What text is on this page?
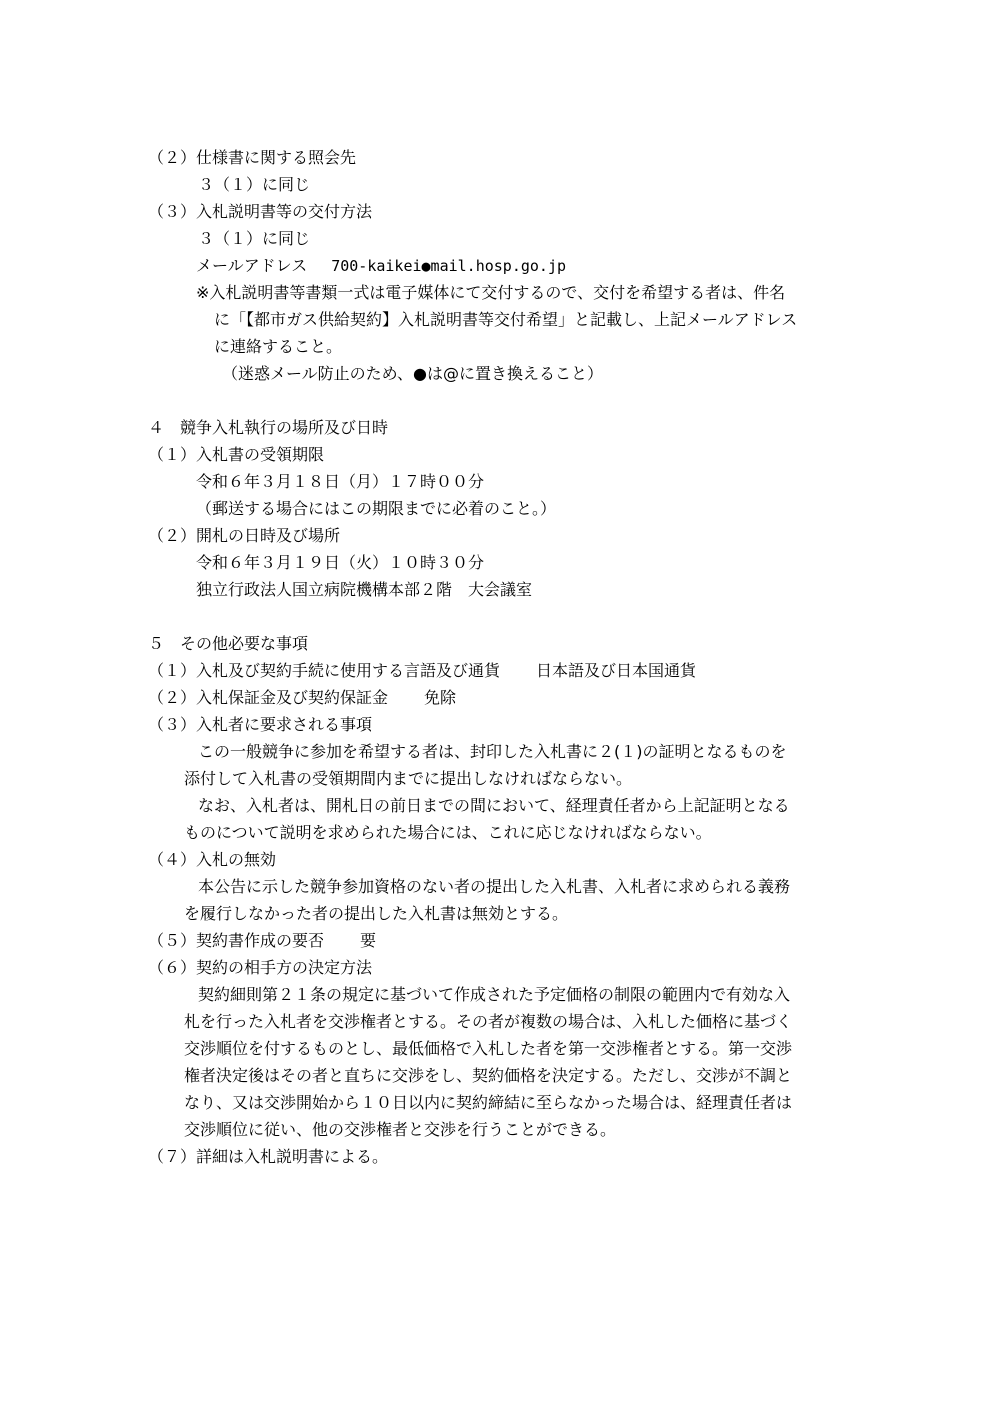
（２）仕様書に関する照会先
３（１）に同じ
（３）入札説明書等の交付方法
３（１）に同じ
メールアドレス 700-kaikei●mail.hosp.go.jp
※入札説明書等書類一式は電子媒体にて交付するので、交付を希望する者は、件名
に「【都市ガス供給契約】入札説明書等交付希望」と記載し、上記メールアドレス
に連絡すること。
（迷惑メール防止のため、●は@に置き換えること）
４　競争入札執行の場所及び日時
（１）入札書の受領期限
令和６年３月１８日（月）１７時００分
（郵送する場合にはこの期限までに必着のこと。）
（２）開札の日時及び場所
令和６年３月１９日（火）１０時３０分
独立行政法人国立病院機構本部２階　大会議室
５　その他必要な事項
（１）入札及び契約手続に使用する言語及び通貨 日本語及び日本国通貨
（２）入札保証金及び契約保証金 免除
（３）入札者に要求される事項
この一般競争に参加を希望する者は、封印した入札書に２(１)の証明となるものを
添付して入札書の受領期間内までに提出しなければならない。
なお、入札者は、開札日の前日までの間において、経理責任者から上記証明となる
ものについて説明を求められた場合には、これに応じなければならない。
（４）入札の無効
本公告に示した競争参加資格のない者の提出した入札書、入札者に求められる義務
を履行しなかった者の提出した入札書は無効とする。
（５）契約書作成の要否 要
（６）契約の相手方の決定方法
契約細則第２１条の規定に基づいて作成された予定価格の制限の範囲内で有効な入
札を行った入札者を交渉権者とする。その者が複数の場合は、入札した価格に基づく
交渉順位を付するものとし、最低価格で入札した者を第一交渉権者とする。第一交渉
権者決定後はその者と直ちに交渉をし、契約価格を決定する。ただし、交渉が不調と
なり、又は交渉開始から１０日以内に契約締結に至らなかった場合は、経理責任者は
交渉順位に従い、他の交渉権者と交渉を行うことができる。
（７）詳細は入札説明書による。
